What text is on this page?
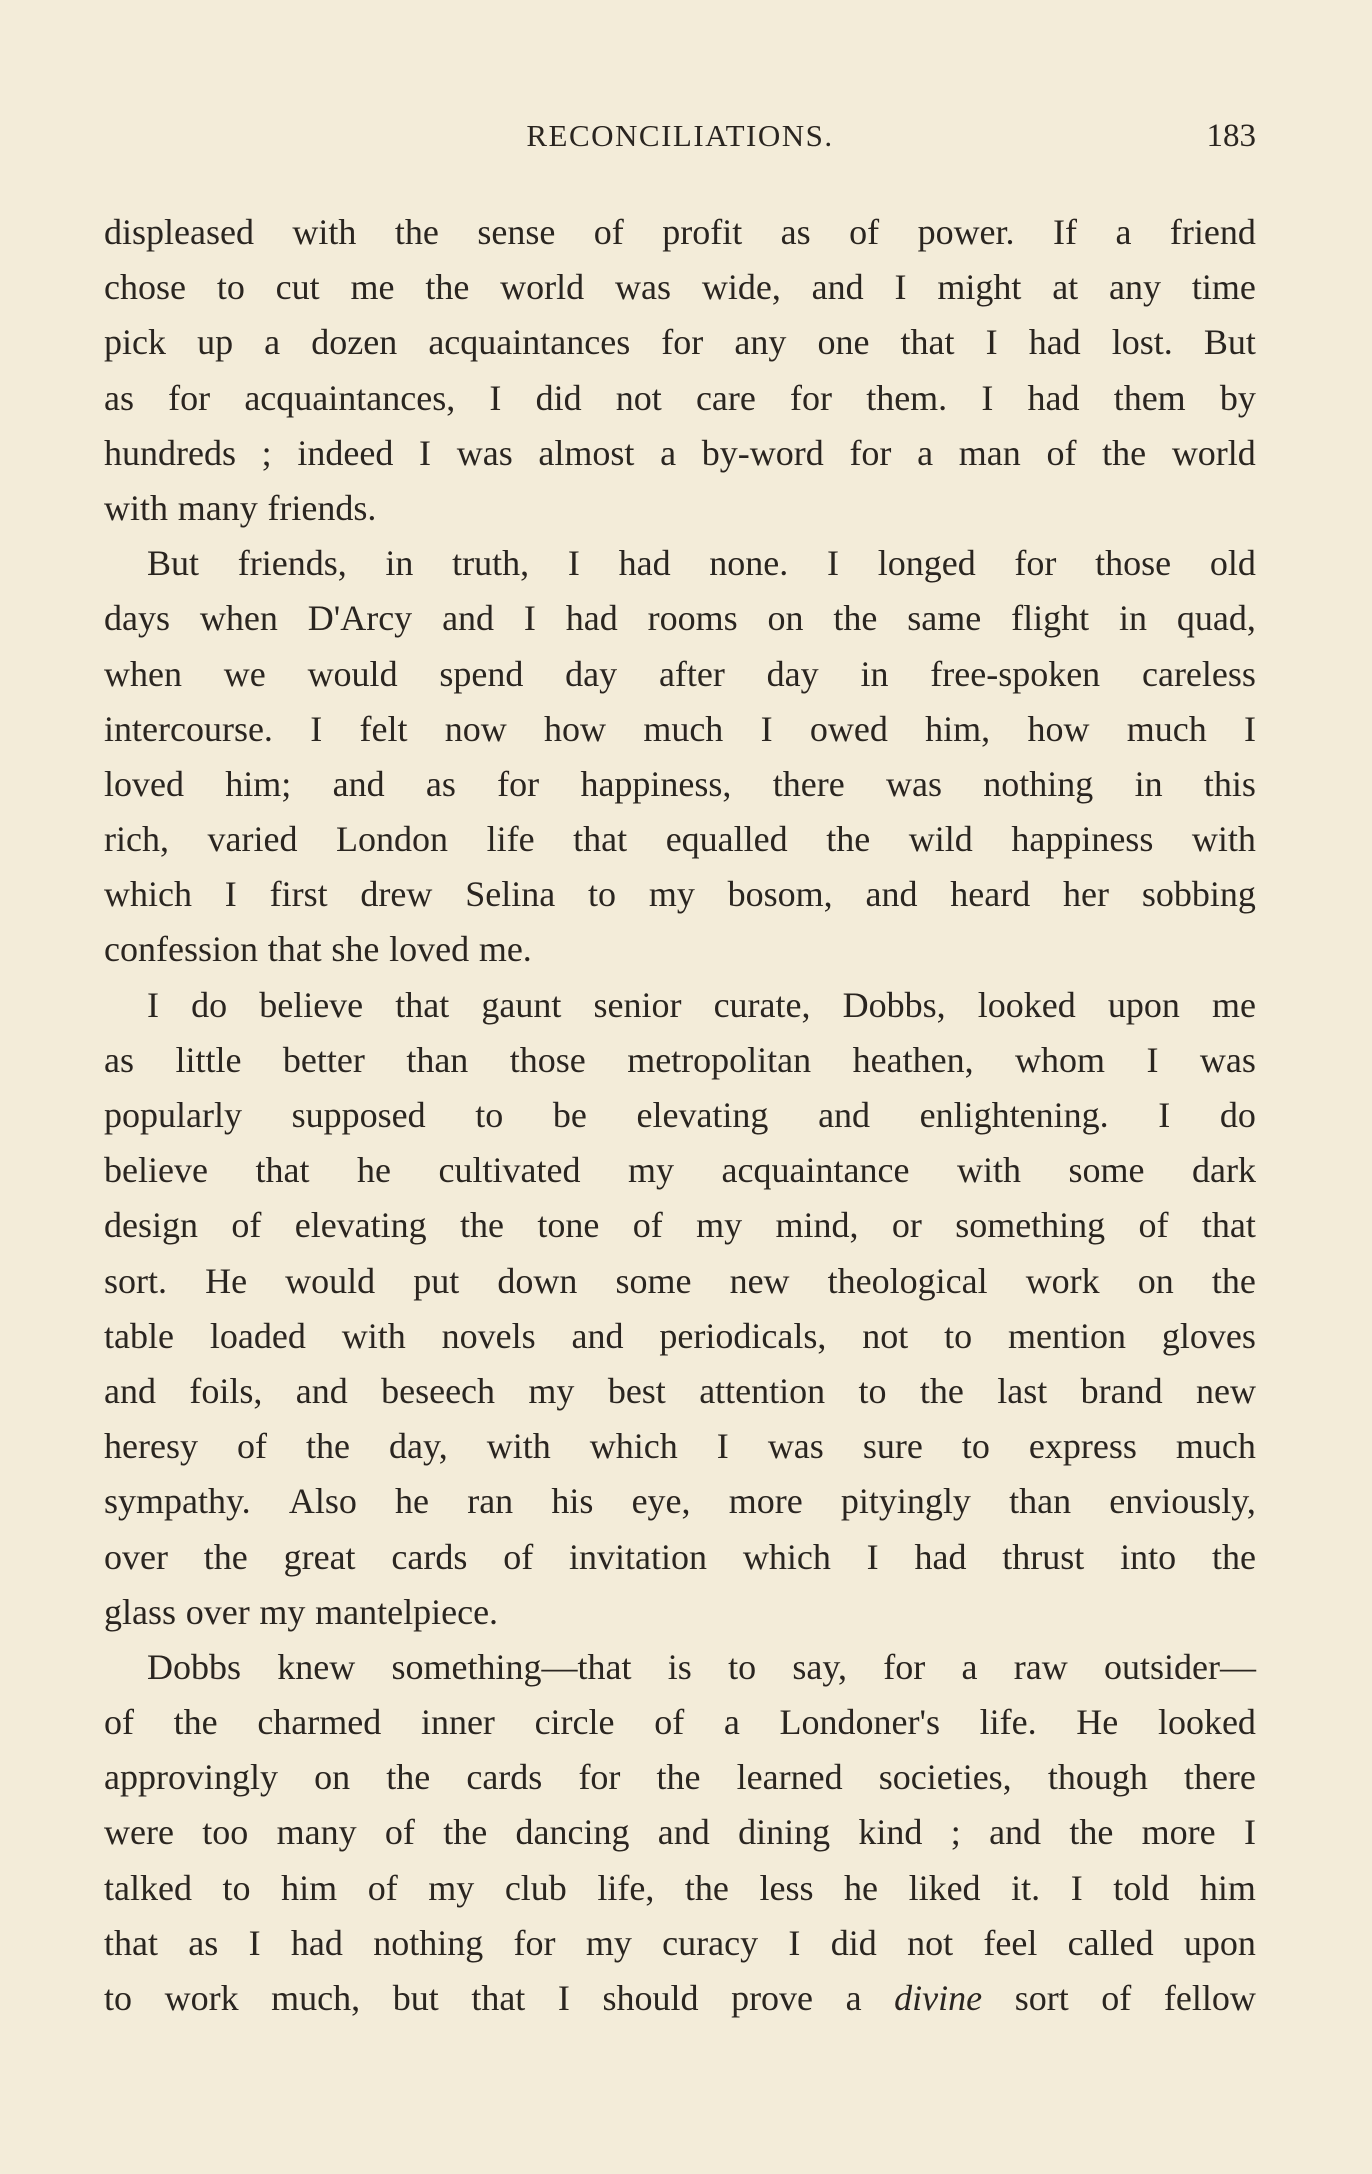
RECONCILIATIONS.	183
displeased with the sense of profit as of power. If a friend
chose to cut me the world was wide, and I might at any time
pick up a dozen acquaintances for any one that I had lost. But
as for acquaintances, I did not care for them. I had them by
hundreds ; indeed I was almost a by-word for a man of the world
with many friends.
But friends, in truth, I had none. I longed for those old
days when D'Arcy and I had rooms on the same flight in quad,
when we would spend day after day in free-spoken careless
intercourse. I felt now how much I owed him, how much I
loved him; and as for happiness, there was nothing in this
rich, varied London life that equalled the wild happiness with
which I first drew Selina to my bosom, and heard her sobbing
confession that she loved me.
I do believe that gaunt senior curate, Dobbs, looked upon me
as little better than those metropolitan heathen, whom I was
popularly supposed to be elevating and enlightening. I do
believe that he cultivated my acquaintance with some dark
design of elevating the tone of my mind, or something of that
sort. He would put down some new theological work on the
table loaded with novels and periodicals, not to mention gloves
and foils, and beseech my best attention to the last brand new
heresy of the day, with which I was sure to express much
sympathy. Also he ran his eye, more pityingly than enviously,
over the great cards of invitation which I had thrust into the
glass over my mantelpiece.
Dobbs knew something—that is to say, for a raw outsider—
of the charmed inner circle of a Londoner's life. He looked
approvingly on the cards for the learned societies, though there
were too many of the dancing and dining kind ; and the more I
talked to him of my club life, the less he liked it. I told him
that as I had nothing for my curacy I did not feel called upon
to work much, but that I should prove a divine sort of fellow
